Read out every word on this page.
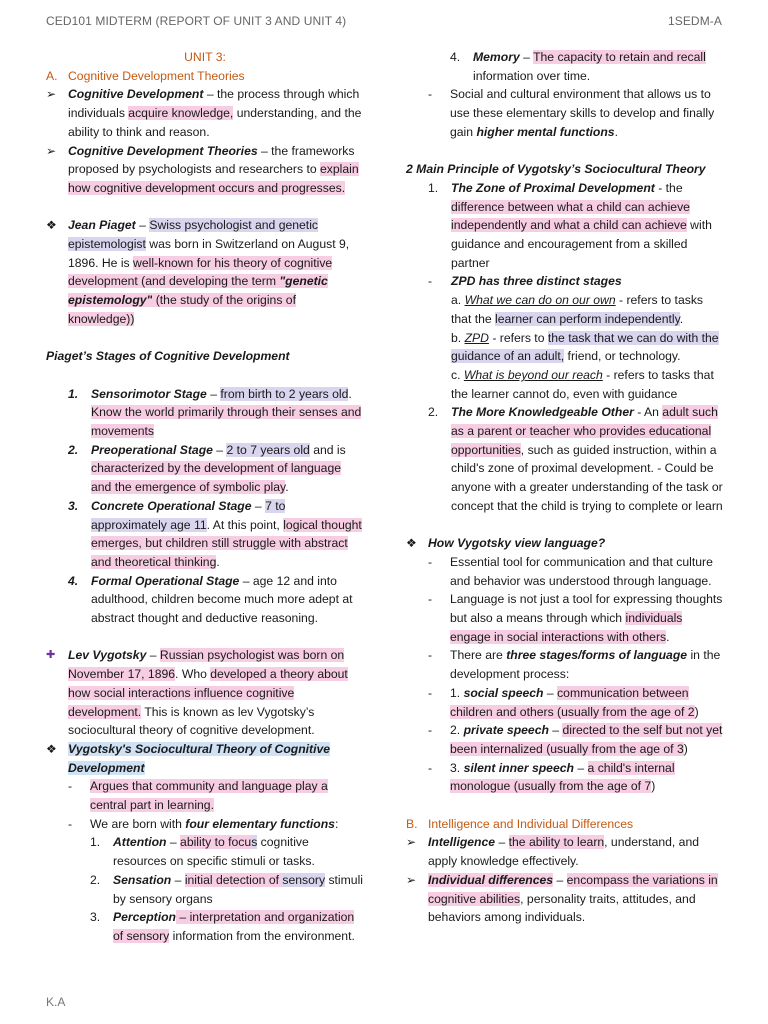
CED101 MIDTERM (REPORT OF UNIT 3 AND UNIT 4)	1SEDM-A

UNIT 3:

A. Cognitive Development Theories

➢ Cognitive Development – the process through which individuals acquire knowledge, understanding, and the ability to think and reason.

➢ Cognitive Development Theories – the frameworks proposed by psychologists and researchers to explain how cognitive development occurs and progresses.

❖ Jean Piaget – Swiss psychologist and genetic epistemologist was born in Switzerland on August 9, 1896. He is well-known for his theory of cognitive development (and developing the term "genetic epistemology" (the study of the origins of knowledge))

Piaget’s Stages of Cognitive Development

1. Sensorimotor Stage – from birth to 2 years old. Know the world primarily through their senses and movements

2. Preoperational Stage – 2 to 7 years old and is characterized by the development of language and the emergence of symbolic play.

3. Concrete Operational Stage – 7 to approximately age 11. At this point, logical thought emerges, but children still struggle with abstract and theoretical thinking.

4. Formal Operational Stage – age 12 and into adulthood, children become much more adept at abstract thought and deductive reasoning.

✚ Lev Vygotsky – Russian psychologist was born on November 17, 1896. Who developed a theory about how social interactions influence cognitive development. This is known as lev Vygotsky’s sociocultural theory of cognitive development.

❖ Vygotsky's Sociocultural Theory of Cognitive Development

- Argues that community and language play a central part in learning.

- We are born with four elementary functions:

1. Attention – ability to focus cognitive resources on specific stimuli or tasks.

2. Sensation – initial detection of sensory stimuli by sensory organs

3. Perception – interpretation and organization of sensory information from the environment.

4. Memory – The capacity to retain and recall information over time.

- Social and cultural environment that allows us to use these elementary skills to develop and finally gain higher mental functions.

2 Main Principle of Vygotsky’s Sociocultural Theory

1. The Zone of Proximal Development - the difference between what a child can achieve independently and what a child can achieve with guidance and encouragement from a skilled partner

- ZPD has three distinct stages

a. What we can do on our own - refers to tasks that the learner can perform independently.

b. ZPD - refers to the task that we can do with the guidance of an adult, friend, or technology.

c. What is beyond our reach - refers to tasks that the learner cannot do, even with guidance

2. The More Knowledgeable Other - An adult such as a parent or teacher who provides educational opportunities, such as guided instruction, within a child's zone of proximal development. - Could be anyone with a greater understanding of the task or concept that the child is trying to complete or learn

❖ How Vygotsky view language?

- Essential tool for communication and that culture and behavior was understood through language.

- Language is not just a tool for expressing thoughts but also a means through which individuals engage in social interactions with others.

- There are three stages/forms of language in the development process:

- 1. social speech – communication between children and others (usually from the age of 2)

- 2. private speech – directed to the self but not yet been internalized (usually from the age of 3)

- 3. silent inner speech – a child's internal monologue (usually from the age of 7)

B. Intelligence and Individual Differences

➢ Intelligence – the ability to learn, understand, and apply knowledge effectively.

➢ Individual differences – encompass the variations in cognitive abilities, personality traits, attitudes, and behaviors among individuals.

K.A
